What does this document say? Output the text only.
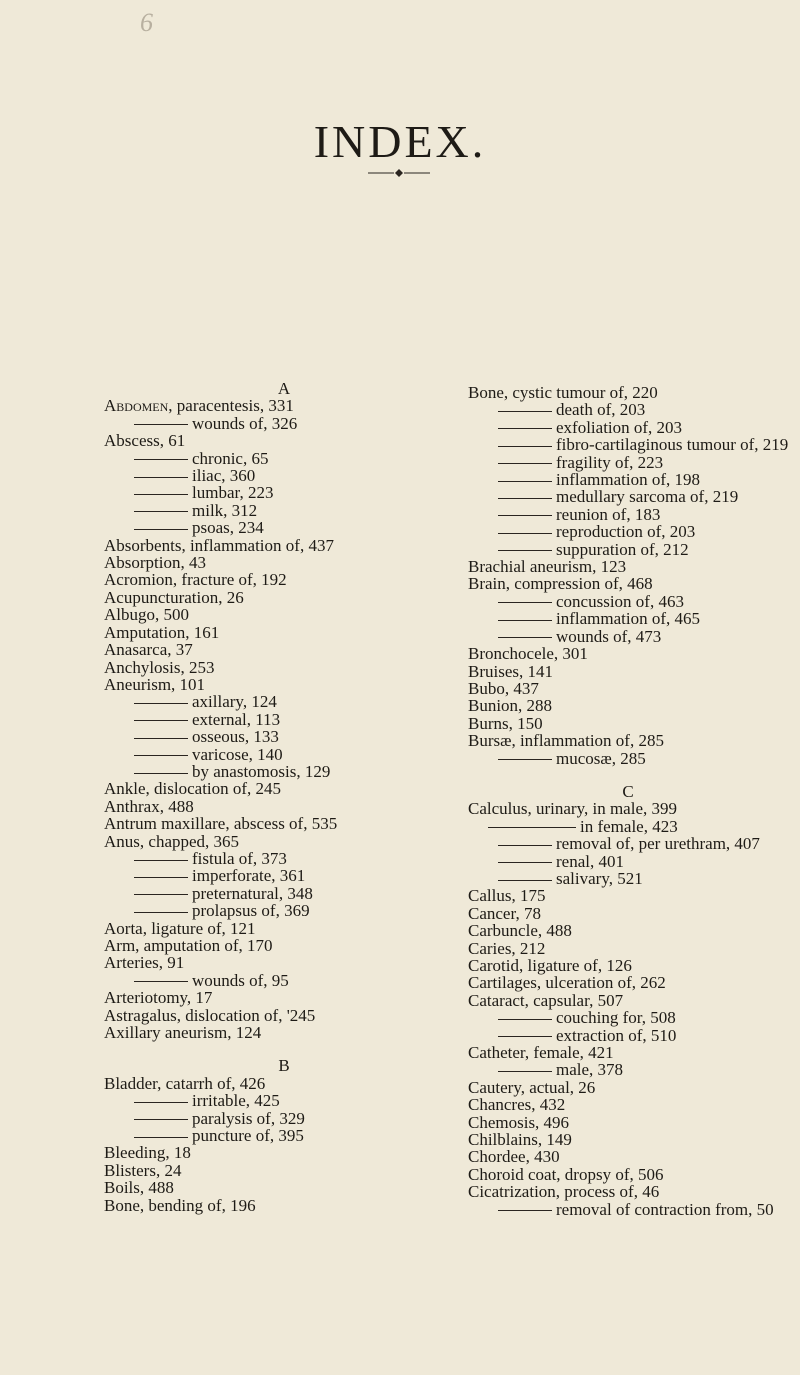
6
INDEX.
A
Abdomen, paracentesis, 331
wounds of, 326
Abscess, 61
chronic, 65
iliac, 360
lumbar, 223
milk, 312
psoas, 234
Absorbents, inflammation of, 437
Absorption, 43
Acromion, fracture of, 192
Acupuncturation, 26
Albugo, 500
Amputation, 161
Anasarca, 37
Anchylosis, 253
Aneurism, 101
axillary, 124
external, 113
osseous, 133
varicose, 140
by anastomosis, 129
Ankle, dislocation of, 245
Anthrax, 488
Antrum maxillare, abscess of, 535
Anus, chapped, 365
fistula of, 373
imperforate, 361
preternatural, 348
prolapsus of, 369
Aorta, ligature of, 121
Arm, amputation of, 170
Arteries, 91
wounds of, 95
Arteriotomy, 17
Astragalus, dislocation of, '245
Axillary aneurism, 124
B
Bladder, catarrh of, 426
irritable, 425
paralysis of, 329
puncture of, 395
Bleeding, 18
Blisters, 24
Boils, 488
Bone, bending of, 196
Bone, cystic tumour of, 220
death of, 203
exfoliation of, 203
fibro-cartilaginous tumour of, 219
fragility of, 223
inflammation of, 198
medullary sarcoma of, 219
reunion of, 183
reproduction of, 203
suppuration of, 212
Brachial aneurism, 123
Brain, compression of, 468
concussion of, 463
inflammation of, 465
wounds of, 473
Bronchocele, 301
Bruises, 141
Bubo, 437
Bunion, 288
Burns, 150
Bursæ, inflammation of, 285
mucosæ, 285
C
Calculus, urinary, in male, 399
in female, 423
removal of, per urethram, 407
renal, 401
salivary, 521
Callus, 175
Cancer, 78
Carbuncle, 488
Caries, 212
Carotid, ligature of, 126
Cartilages, ulceration of, 262
Cataract, capsular, 507
couching for, 508
extraction of, 510
Catheter, female, 421
male, 378
Cautery, actual, 26
Chancres, 432
Chemosis, 496
Chilblains, 149
Chordee, 430
Choroid coat, dropsy of, 506
Cicatrization, process of, 46
removal of contraction from, 50
